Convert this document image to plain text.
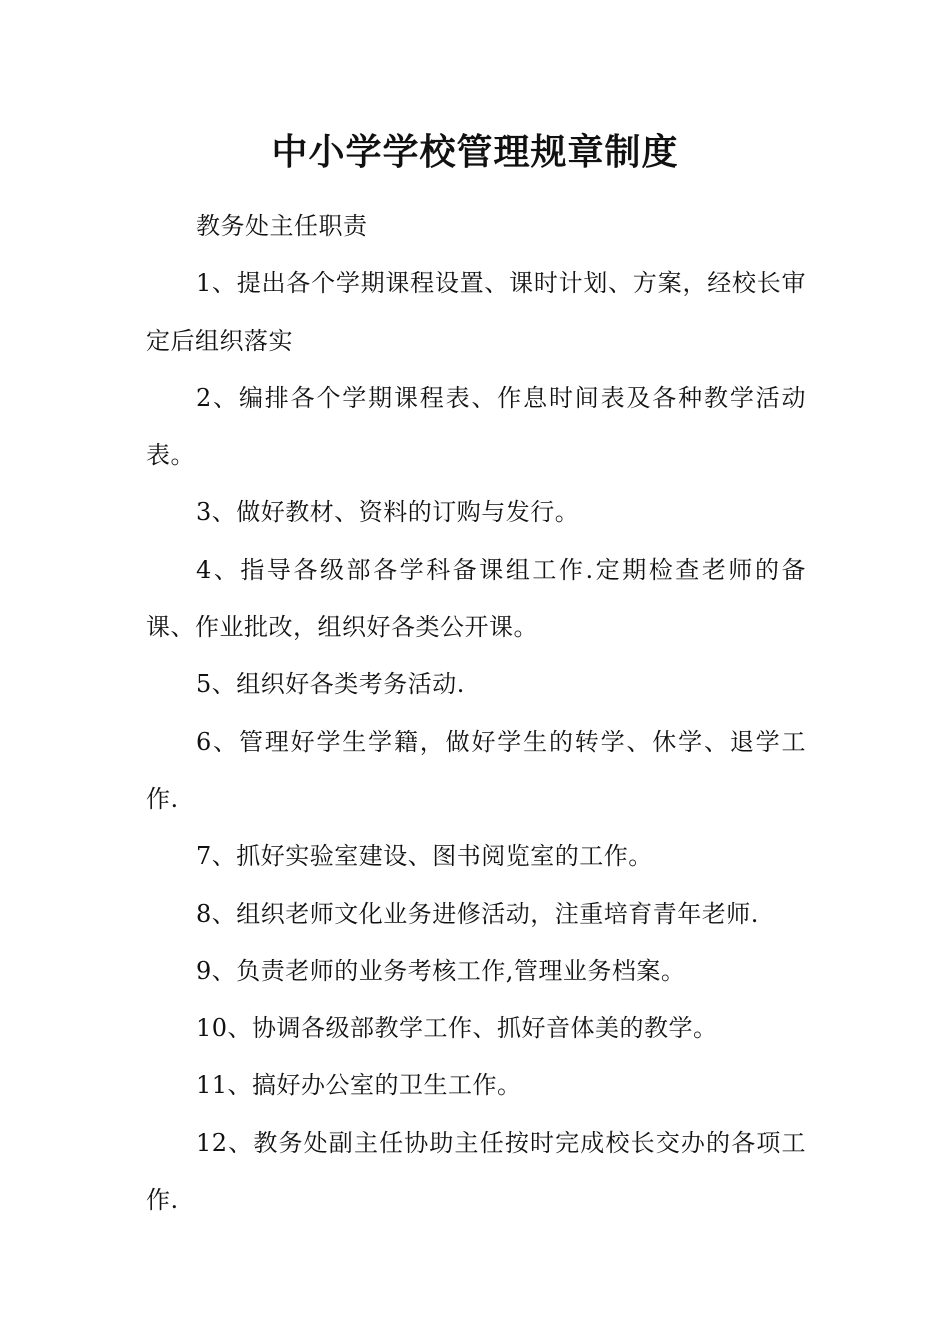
中小学学校管理规章制度

教务处主任职责

1、提出各个学期课程设置、课时计划、方案，经校长审定后组织落实

2、编排各个学期课程表、作息时间表及各种教学活动表。

3、做好教材、资料的订购与发行。

4、指导各级部各学科备课组工作.定期检查老师的备课、作业批改，组织好各类公开课。

5、组织好各类考务活动.

6、管理好学生学籍，做好学生的转学、休学、退学工作.

7、抓好实验室建设、图书阅览室的工作。

8、组织老师文化业务进修活动，注重培育青年老师.

9、负责老师的业务考核工作,管理业务档案。

10、协调各级部教学工作、抓好音体美的教学。

11、搞好办公室的卫生工作。

12、教务处副主任协助主任按时完成校长交办的各项工作.
